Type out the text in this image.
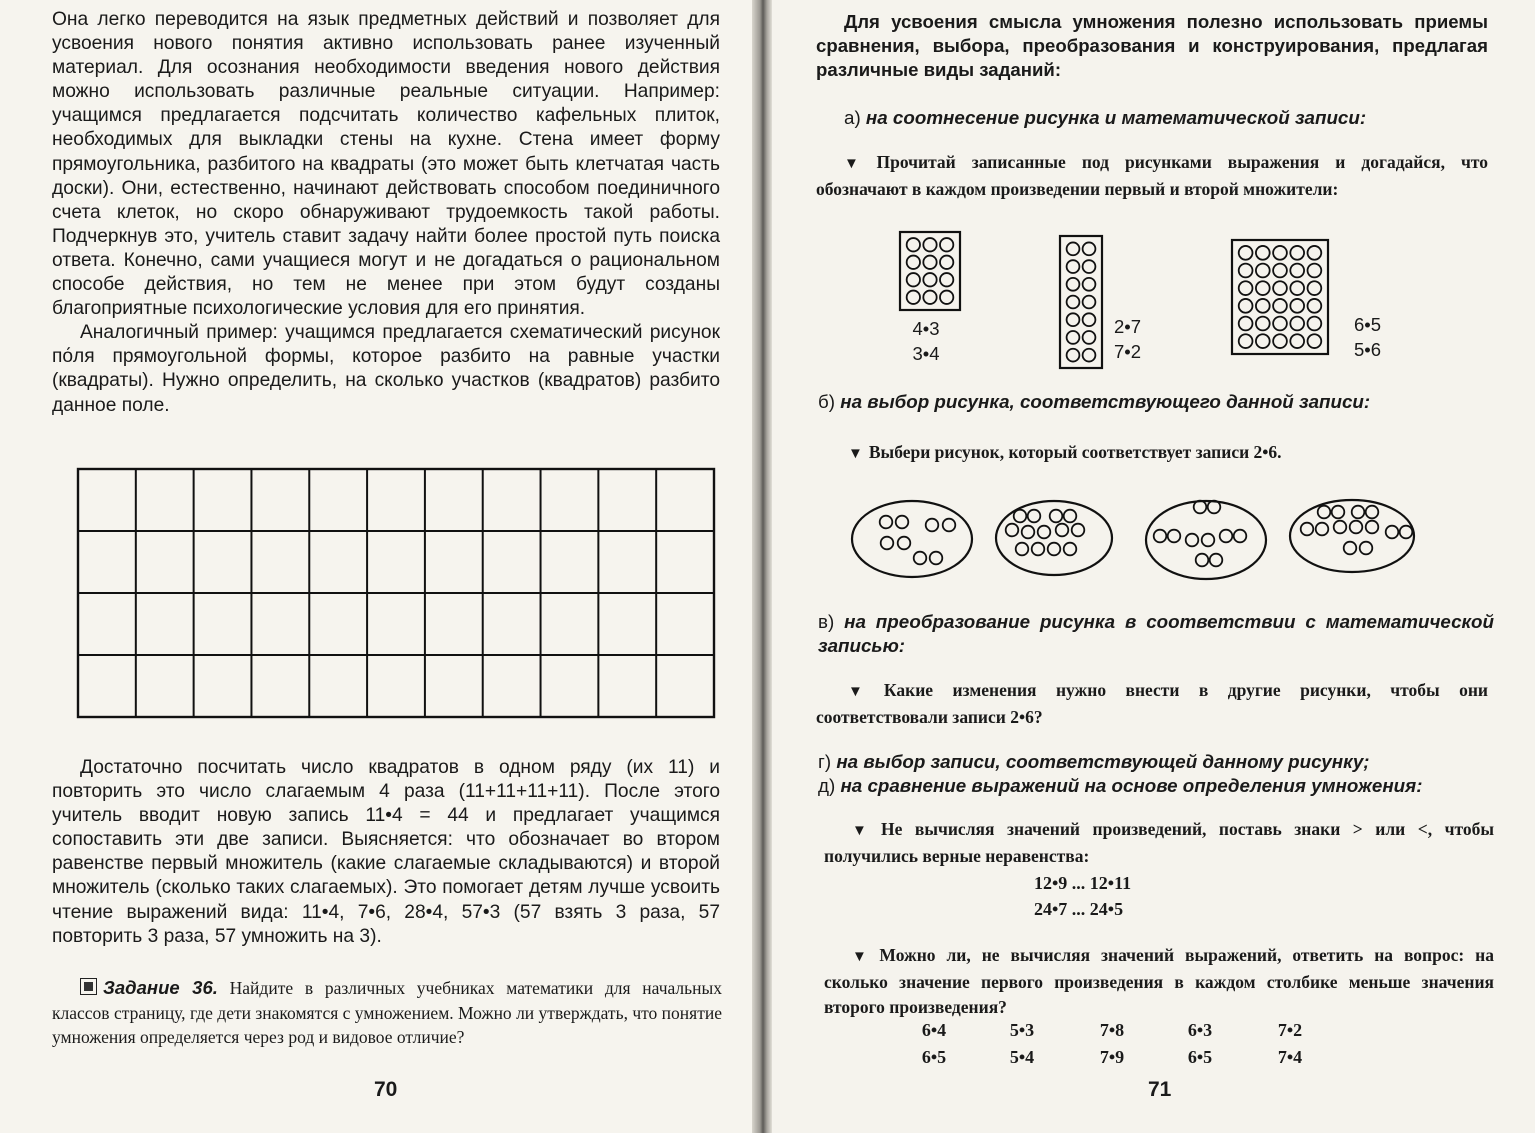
Она легко переводится на язык предметных действий и позволяет для усвоения нового понятия активно использовать ранее изученный материал. Для осознания необходимости введения нового действия можно использовать различные реальные ситуации. Например: учащимся предлагается подсчитать количество кафельных плиток, необходимых для выкладки стены на кухне. Стена имеет форму прямоугольника, разбитого на квадраты (это может быть клетчатая часть доски). Они, естественно, начинают действовать способом поединичного счета клеток, но скоро обнаруживают трудоемкость такой работы. Подчеркнув это, учитель ставит задачу найти более простой путь поиска ответа. Конечно, сами учащиеся могут и не догадаться о рациональном способе действия, но тем не менее при этом будут созданы благоприятные психологические условия для его принятия.

Аналогичный пример: учащимся предлагается схематический рисунок по́ля прямоугольной формы, которое разбито на равные участки (квадраты). Нужно определить, на сколько участков (квадратов) разбито данное поле.

Достаточно посчитать число квадратов в одном ряду (их 11) и повторить это число слагаемым 4 раза (11+11+11+11). После этого учитель вводит новую запись 11•4 = 44 и предлагает учащимся сопоставить эти две записи. Выясняется: что обозначает во втором равенстве первый множитель (какие слагаемые складываются) и второй множитель (сколько таких слагаемых). Это помогает детям лучше усвоить чтение выражений вида: 11•4, 7•6, 28•4, 57•3 (57 взять 3 раза, 57 повторить 3 раза, 57 умножить на 3).

Задание 36. Найдите в различных учебниках математики для начальных классов страницу, где дети знакомятся с умножением. Можно ли утверждать, что понятие умножения определяется через род и видовое отличие?
70
Для усвоения смысла умножения полезно использовать приемы сравнения, выбора, преобразования и конструирования, предлагая различные виды заданий:
а) на соотнесение рисунка и математической записи:
▼ Прочитай записанные под рисунками выражения и догадайся, что обозначают в каждом произведении первый и второй множители:
4•3
3•4
2•7
7•2
6•5
5•6
б) на выбор рисунка, соответствующего данной записи:
▼ Выбери рисунок, который соответствует записи 2•6.
в) на преобразование рисунка в соответствии с математической записью:
▼ Какие изменения нужно внести в другие рисунки, чтобы они соответствовали записи 2•6?
г) на выбор записи, соответствующей данному рисунку;
д) на сравнение выражений на основе определения умножения:
▼ Не вычисляя значений произведений, поставь знаки > или <, чтобы получились верные неравенства:
12•9 ... 12•11
24•7 ... 24•5
▼ Можно ли, не вычисляя значений выражений, ответить на вопрос: на сколько значение первого произведения в каждом столбике меньше значения второго произведения?
6•4
6•5
5•3
5•4
7•8
7•9
6•3
6•5
7•2
7•4
71
